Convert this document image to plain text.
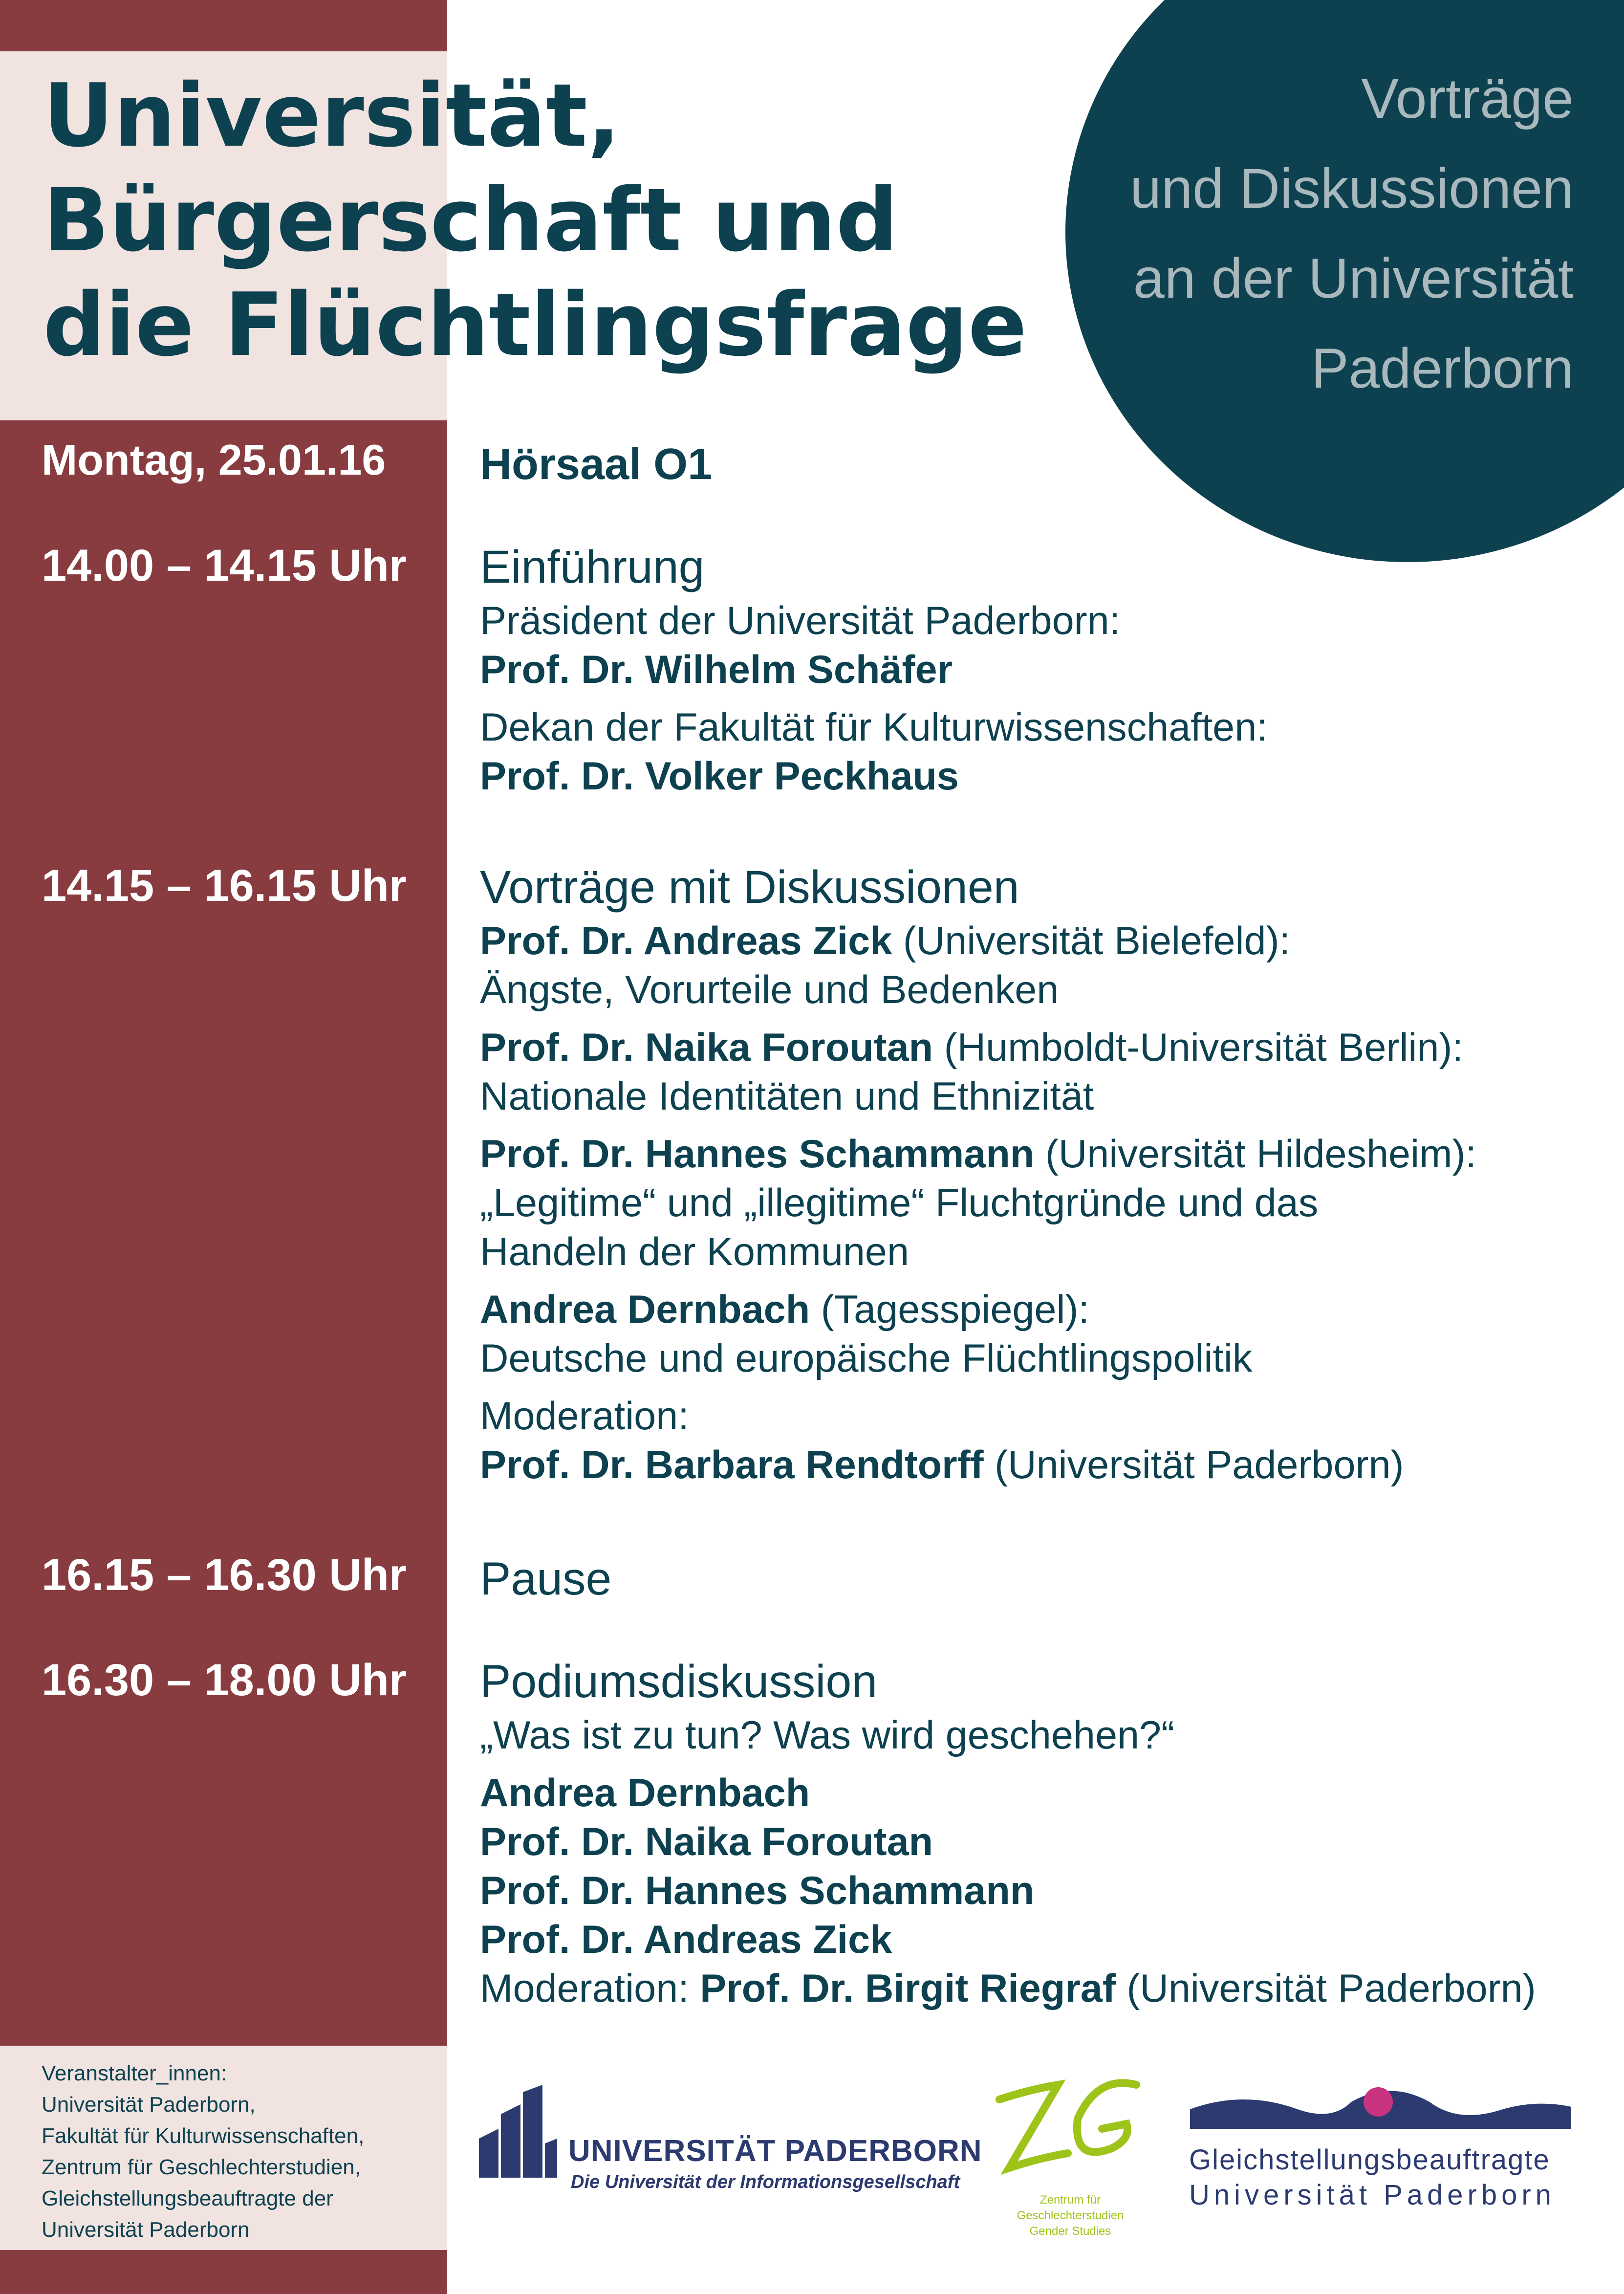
Vorträge
und Diskussionen
an der Universität
Paderborn
Universität,
Bürgerschaft und
die Flüchtlingsfrage
Montag, 25.01.16 Hörsaal O1
14.00 – 14.15 Uhr Einführung
Präsident der Universität Paderborn:
Prof. Dr. Wilhelm Schäfer
Dekan der Fakultät für Kulturwissenschaften:
Prof. Dr. Volker Peckhaus
14.15 – 16.15 Uhr Vorträge mit Diskussionen
Prof. Dr. Andreas Zick (Universität Bielefeld):
Ängste, Vorurteile und Bedenken
Prof. Dr. Naika Foroutan (Humboldt-Universität Berlin):
Nationale Identitäten und Ethnizität
Prof. Dr. Hannes Schammann (Universität Hildesheim):
„Legitime“ und „illegitime“ Fluchtgründe und das
Handeln der Kommunen
Andrea Dernbach (Tagesspiegel):
Deutsche und europäische Flüchtlingspolitik
Moderation:
Prof. Dr. Barbara Rendtorff (Universität Paderborn)
16.15 – 16.30 Uhr Pause
16.30 – 18.00 Uhr Podiumsdiskussion
„Was ist zu tun? Was wird geschehen?“
Andrea Dernbach
Prof. Dr. Naika Foroutan
Prof. Dr. Hannes Schammann
Prof. Dr. Andreas Zick
Moderation: Prof. Dr. Birgit Riegraf (Universität Paderborn)
Veranstalter_innen:
Universität Paderborn,
Fakultät für Kulturwissenschaften,
Zentrum für Geschlechterstudien,
Gleichstellungsbeauftragte der
Universität Paderborn
UNIVERSITÄT PADERBORN
Die Universität der Informationsgesellschaft
Zentrum für
Geschlechterstudien
Gender Studies
Gleichstellungsbeauftragte
Universität Paderborn
